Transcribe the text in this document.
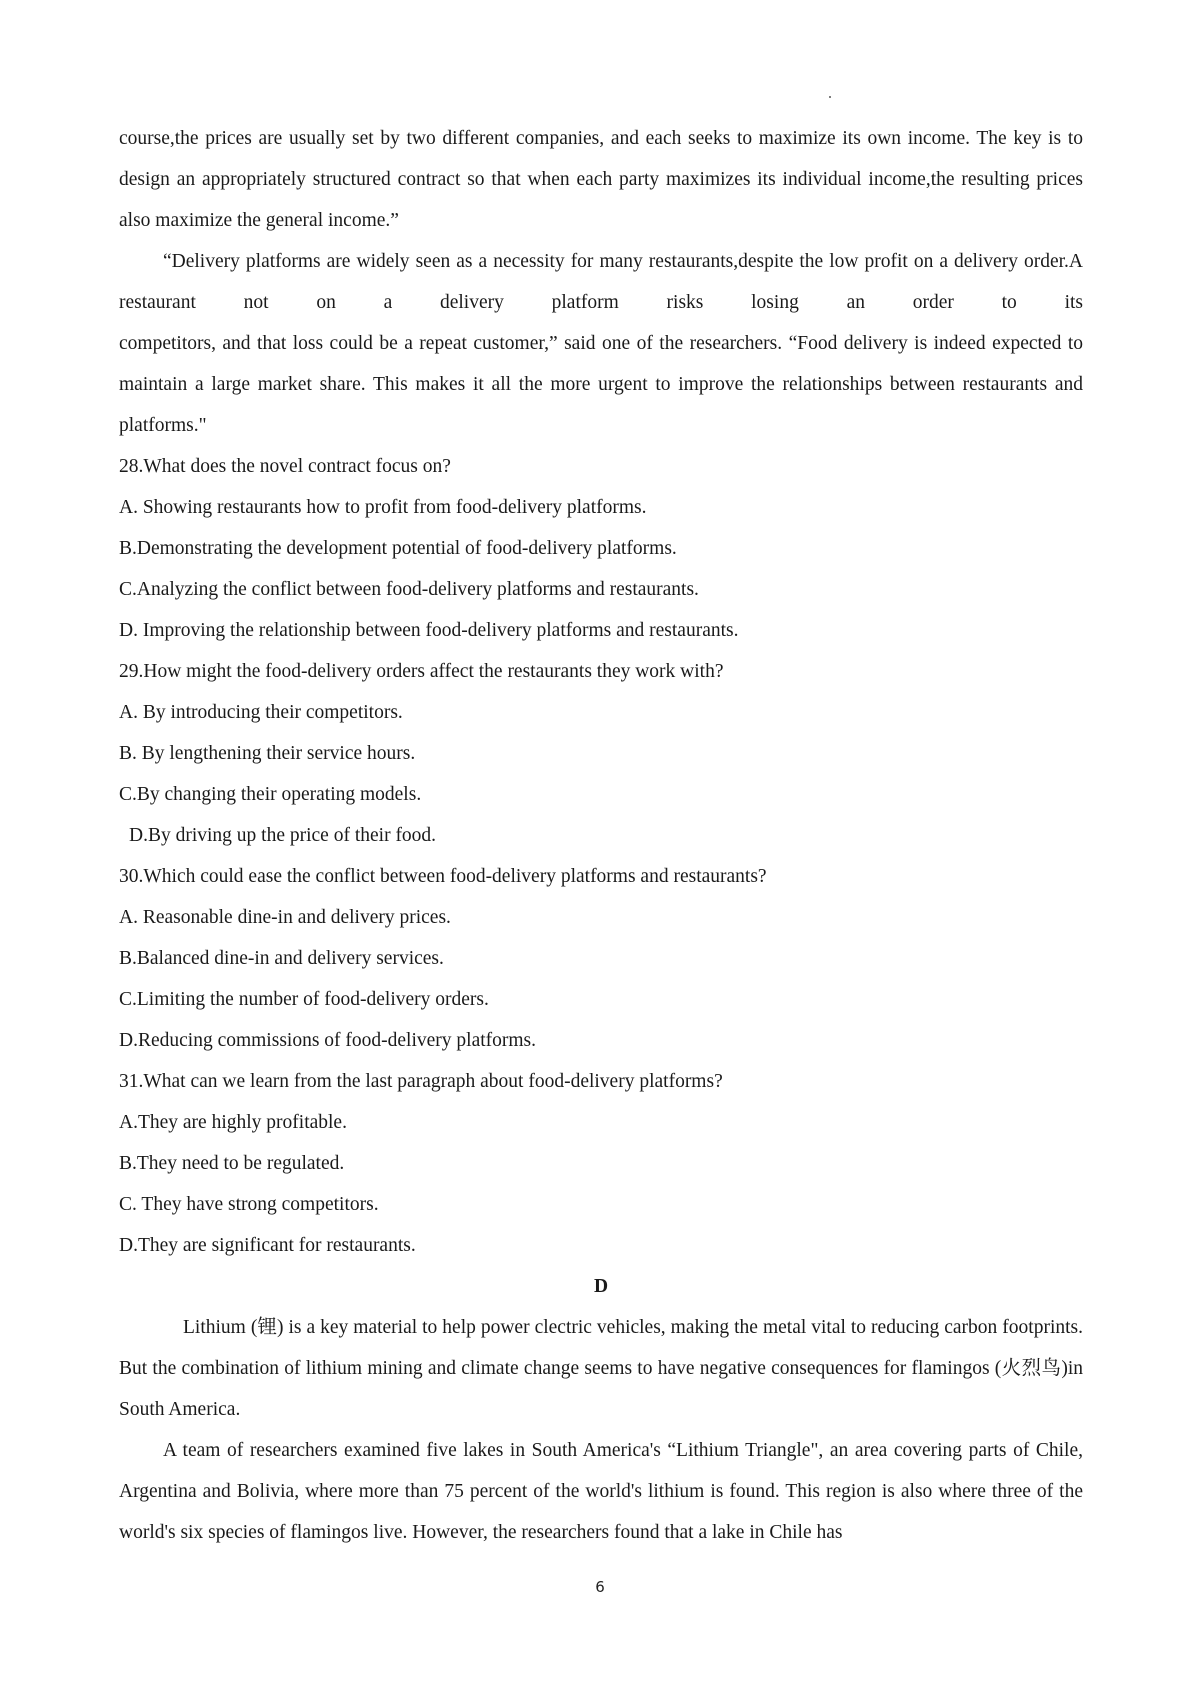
course,the prices are usually set by two different companies, and each seeks to maximize its own income. The key is to design an appropriately structured contract so that when each party maximizes its individual income,the resulting prices also maximize the general income.”

“Delivery platforms are widely seen as a necessity for many restaurants,despite the low profit on a delivery order.A restaurant not on a delivery platform risks losing an order to its

competitors, and that loss could be a repeat customer,” said one of the researchers. “Food delivery is indeed expected to maintain a large market share. This makes it all the more urgent to improve the relationships between restaurants and platforms."

28.What does the novel contract focus on?

A. Showing restaurants how to profit from food-delivery platforms.

B.Demonstrating the development potential of food-delivery platforms.

C.Analyzing the conflict between food-delivery platforms and restaurants.

D. Improving the relationship between food-delivery platforms and restaurants.

29.How might the food-delivery orders affect the restaurants they work with?

A. By introducing their competitors.

B. By lengthening their service hours.

C.By changing their operating models.

D.By driving up the price of their food.

30.Which could ease the conflict between food-delivery platforms and restaurants?

A. Reasonable dine-in and delivery prices.

B.Balanced dine-in and delivery services.

C.Limiting the number of food-delivery orders.

D.Reducing commissions of food-delivery platforms.

31.What can we learn from the last paragraph about food-delivery platforms?

A.They are highly profitable.

B.They need to be regulated.

C. They have strong competitors.

D.They are significant for restaurants.

D

Lithium (锂) is a key material to help power clectric vehicles, making the metal vital to reducing carbon footprints. But the combination of lithium mining and climate change seems to have negative consequences for flamingos (火烈鸟)in South America.

A team of researchers examined five lakes in South America's “Lithium Triangle", an area covering parts of Chile, Argentina and Bolivia, where more than 75 percent of the world's lithium is found. This region is also where three of the world's six species of flamingos live. However, the researchers found that a lake in Chile has

6
